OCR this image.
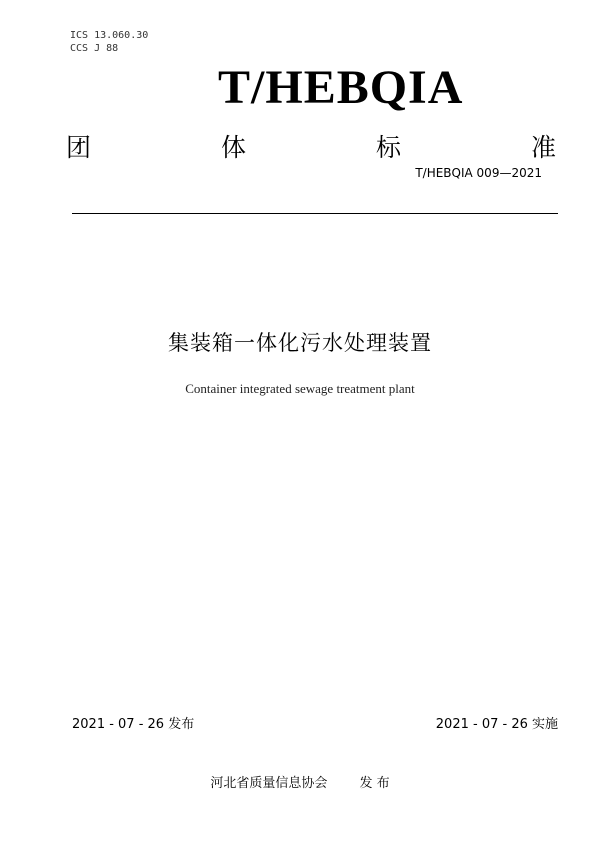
ICS 13.060.30
CCS J 88
T/HEBQIA
团	体	标	准
T/HEBQIA 009—2021
集装箱一体化污水处理装置
Container integrated sewage treatment plant
2021 - 07 - 26 发布	2021 - 07 - 26 实施
河北省质量信息协会 发 布
